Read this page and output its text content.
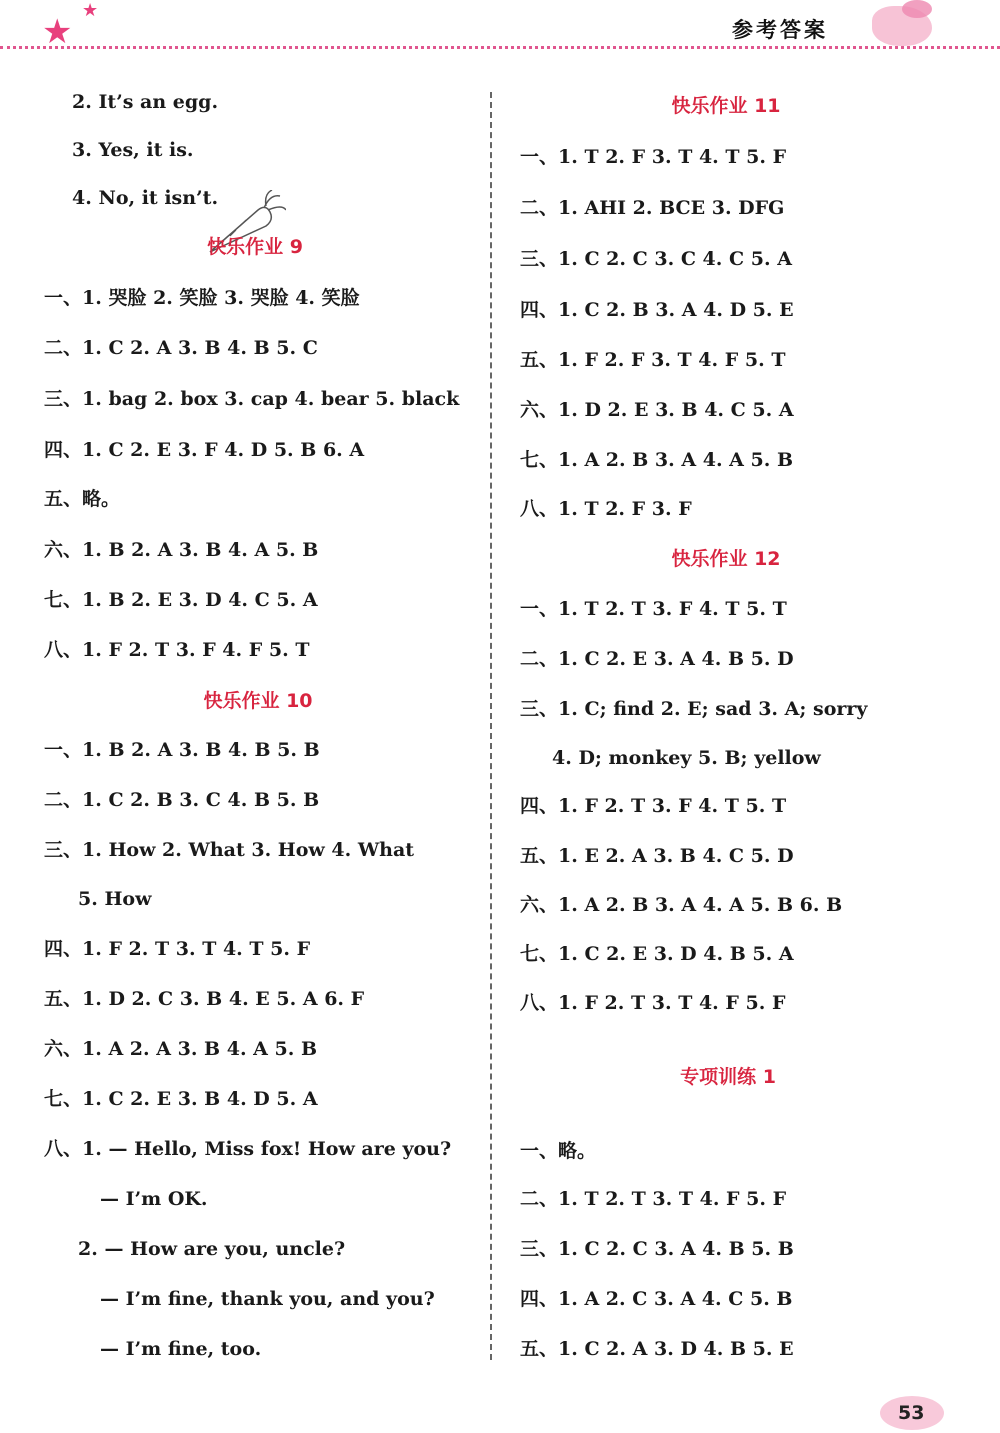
★
★
参考答案
2. It’s an egg.
3. Yes, it is.
4. No, it isn’t.
快乐作业 9
一、1. 哭脸 2. 笑脸 3. 哭脸 4. 笑脸
二、1. C 2. A 3. B 4. B 5. C
三、1. bag 2. box 3. cap 4. bear 5. black
四、1. C 2. E 3. F 4. D 5. B 6. A
五、略。
六、1. B 2. A 3. B 4. A 5. B
七、1. B 2. E 3. D 4. C 5. A
八、1. F 2. T 3. F 4. F 5. T
快乐作业 10
一、1. B 2. A 3. B 4. B 5. B
二、1. C 2. B 3. C 4. B 5. B
三、1. How 2. What 3. How 4. What
5. How
四、1. F 2. T 3. T 4. T 5. F
五、1. D 2. C 3. B 4. E 5. A 6. F
六、1. A 2. A 3. B 4. A 5. B
七、1. C 2. E 3. B 4. D 5. A
八、1. — Hello, Miss fox! How are you?
— I’m OK.
2. — How are you, uncle?
— I’m fine, thank you, and you?
— I’m fine, too.
快乐作业 11
一、1. T 2. F 3. T 4. T 5. F
二、1. AHI 2. BCE 3. DFG
三、1. C 2. C 3. C 4. C 5. A
四、1. C 2. B 3. A 4. D 5. E
五、1. F 2. F 3. T 4. F 5. T
六、1. D 2. E 3. B 4. C 5. A
七、1. A 2. B 3. A 4. A 5. B
八、1. T 2. F 3. F
快乐作业 12
一、1. T 2. T 3. F 4. T 5. T
二、1. C 2. E 3. A 4. B 5. D
三、1. C; find 2. E; sad 3. A; sorry
4. D; monkey 5. B; yellow
四、1. F 2. T 3. F 4. T 5. T
五、1. E 2. A 3. B 4. C 5. D
六、1. A 2. B 3. A 4. A 5. B 6. B
七、1. C 2. E 3. D 4. B 5. A
八、1. F 2. T 3. T 4. F 5. F
专项训练 1
一、略。
二、1. T 2. T 3. T 4. F 5. F
三、1. C 2. C 3. A 4. B 5. B
四、1. A 2. C 3. A 4. C 5. B
五、1. C 2. A 3. D 4. B 5. E
53
